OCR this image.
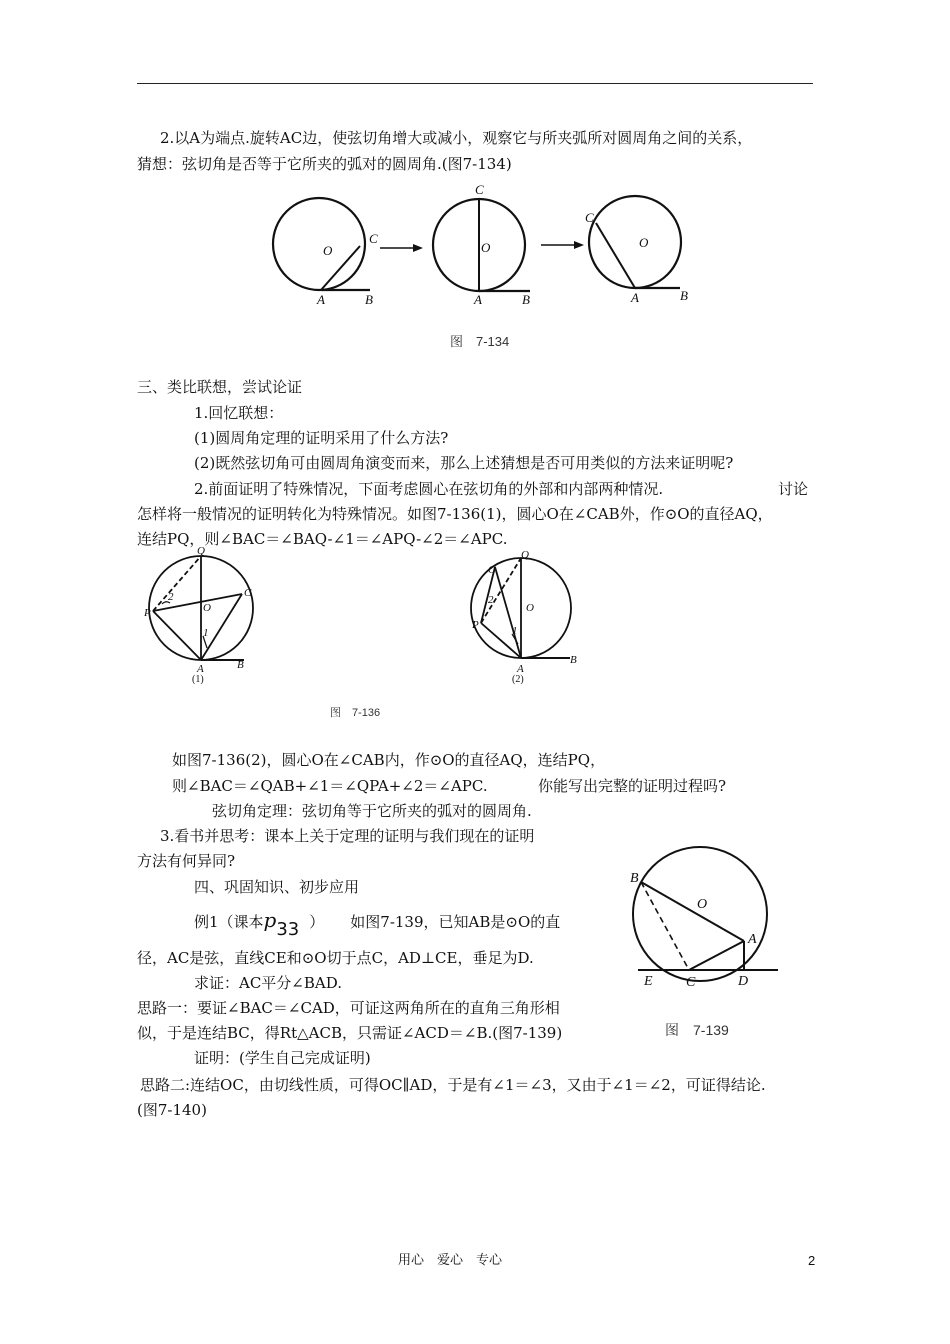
2.以A为端点.旋转AC边，使弦切角增大或减小，观察它与所夹弧所对圆周角之间的关系，
猜想：弦切角是否等于它所夹的弧对的圆周角.(图7-134)
C
O
A	B
C
O
A	B
C
O
A	B
图　7-134
三、类比联想，尝试论证
1.回忆联想：
(1)圆周角定理的证明采用了什么方法?
(2)既然弦切角可由圆周角演变而来，那么上述猜想是否可用类似的方法来证明呢?
2.前面证明了特殊情况，下面考虑圆心在弦切角的外部和内部两种情况.	讨论
怎样将一般情况的证明转化为特殊情况。如图7-136(1)，圆心O在∠CAB外，作⊙O的直径AQ，
连结PQ，则∠BAC＝∠BAQ-∠1＝∠APQ-∠2＝∠APC.
Q
C
P	O
2
1
A	B
Q
C
P
O
2
1
A
B
(1)	(2)
图　7-136
如图7-136(2)，圆心O在∠CAB内，作⊙O的直径AQ，连结PQ，
则∠BAC＝∠QAB+∠1＝∠QPA+∠2＝∠APC.	你能写出完整的证明过程吗?
弦切角定理：弦切角等于它所夹的弧对的圆周角.
3.看书并思考：课本上关于定理的证明与我们现在的证明
方法有何异同?
四、巩固知识、初步应用
例1（课本p33 ） 如图7-139，已知AB是⊙O的直
径，AC是弦，直线CE和⊙O切于点C，AD⊥CE，垂足为D.
求证：AC平分∠BAD.
思路一：要证∠BAC＝∠CAD，可证这两角所在的直角三角形相
似，于是连结BC，得Rt△ACB，只需证∠ACD＝∠B.(图7-139)
证明：(学生自己完成证明)
思路二:连结OC，由切线性质，可得OC∥AD，于是有∠1＝∠3，又由于∠1＝∠2，可证得结论.
(图7-140)
B
O
A
E C	D
图　7-139
用心　爱心　专心	2
